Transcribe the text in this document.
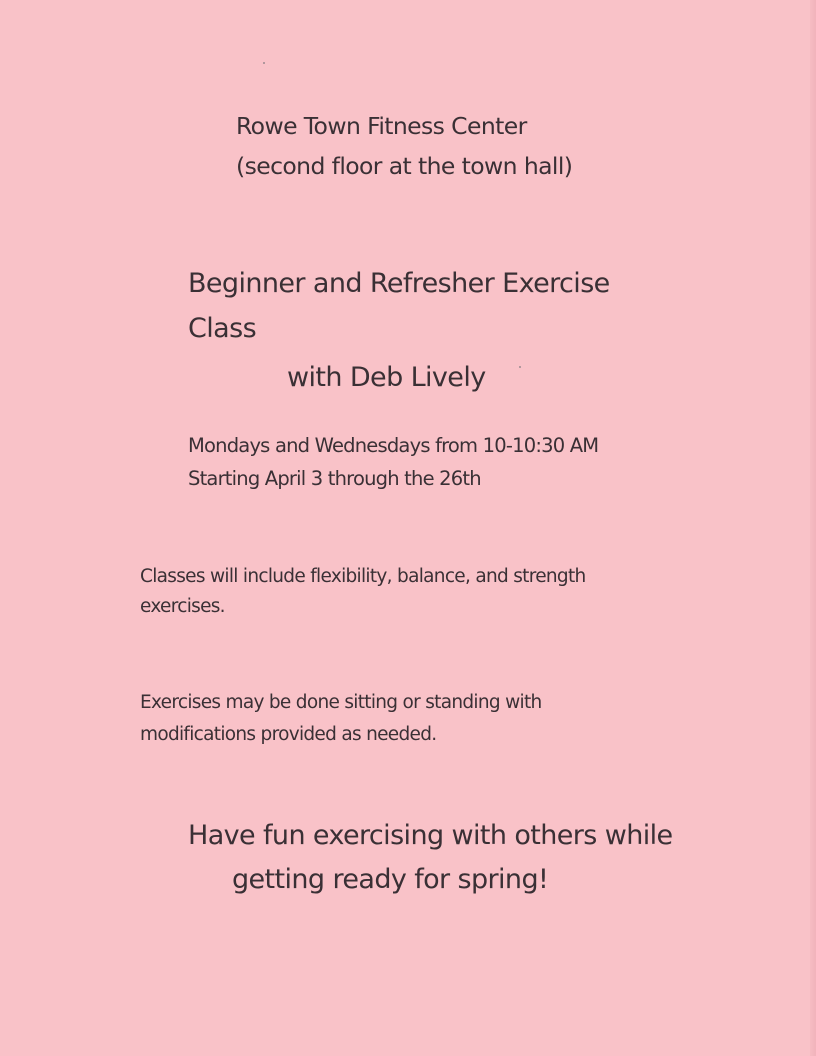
Rowe Town Fitness Center
(second floor at the town hall)
Beginner and Refresher Exercise
Class
with Deb Lively
Mondays and Wednesdays from 10-10:30 AM
Starting April 3 through the 26th
Classes will include flexibility, balance, and strength
exercises.
Exercises may be done sitting or standing with
modifications provided as needed.
Have fun exercising with others while
getting ready for spring!
